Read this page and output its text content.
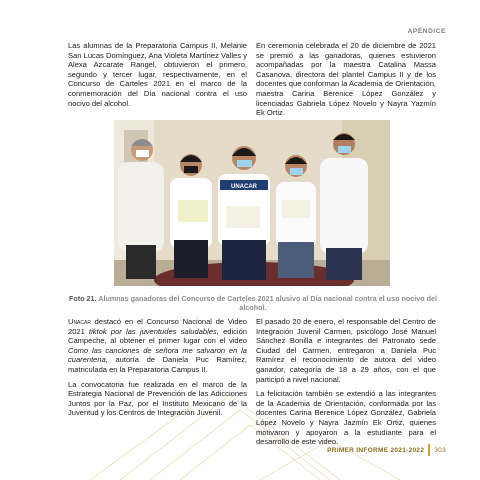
APÉNDICE

Las alumnas de la Preparatoria Campus II, Melanie San Lucas Domínguez, Ana Violeta Martínez Valles y Alexa Azcarate Rangel, obtuvieron el primero, segundo y tercer lugar, respectivamente, en el Concurso de Carteles 2021 en el marco de la conmemoración del Día nacional contra el uso nocivo del alcohol.

En ceremonia celebrada el 20 de diciembre de 2021 se premió a las ganadoras, quienes estuvieron acompañadas por la maestra Catalina Massa Casanova, directora del plantel Campus II y de los docentes que conforman la Academia de Orientación, maestra Carina Berenice López González y licenciadas Gabriela López Novelo y Nayra Yazmín Ek Ortiz.

UNACAR
Foto 21. Alumnas ganadoras del Concurso de Carteles 2021 alusivo al Día nacional contra el uso nocivo del alcohol.

Unacar destacó en el Concurso Nacional de Video 2021 tiktok por las juventudes saludables, edición Campeche, al obtener el primer lugar con el video Como las canciones de señora me salvaron en la cuarentena, autoría de Daniela Puc Ramírez, matriculada en la Preparatoria Campus II.

La convocatoria fue realizada en el marco de la Estrategia Nacional de Prevención de las Adicciones Juntos por la Paz, por el Instituto Mexicano de la Juventud y los Centros de Integración Juvenil.

El pasado 20 de enero, el responsable del Centro de Integración Juvenil Carmen, psicólogo José Manuel Sánchez Bonilla e integrantes del Patronato sede Ciudad del Carmen, entregaron a Daniela Puc Ramírez el reconocimiento de autora del video ganador, categoría de 18 a 29 años, con el que participó a nivel nacional.

La felicitación también se extendió a las integrantes de la Academia de Orientación, conformada por las docentes Carina Berenice López González, Gabriela López Novelo y Nayra Jazmín Ek Ortiz, quienes motivaron y apoyaron a la estudiante para el desarrollo de este video.

PRIMER INFORME 2021-2022 303
